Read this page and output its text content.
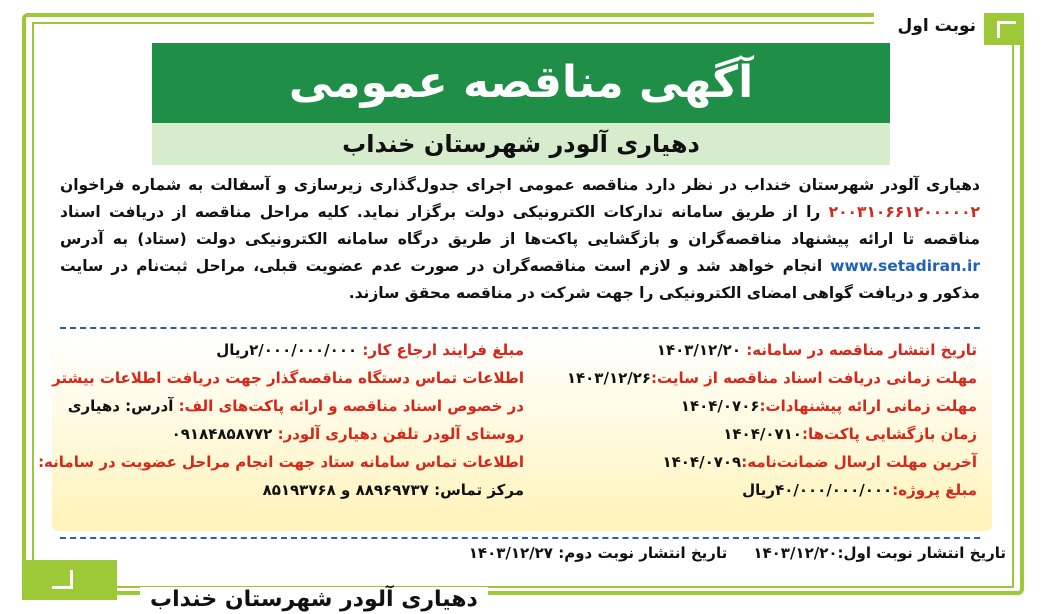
نوبت اول
آگهی مناقصه عمومی
دهیاری آلودر شهرستان خنداب
دهیاری آلودر شهرستان خنداب در نظر دارد مناقصه عمومی اجرای جدول‌گذاری زیرسازی و آسفالت به شماره فراخوان ۲۰۰۳۱۰۶۶۱۲۰۰۰۰۰۲ را از طریق سامانه تدارکات الکترونیکی دولت برگزار نماید. کلیه مراحل مناقصه از دریافت اسناد مناقصه تا ارائه پیشنهاد مناقصه‌گران و بازگشایی پاکت‌ها از طریق درگاه سامانه الکترونیکی دولت (ستاد) به آدرس www.setadiran.ir انجام خواهد شد و لازم است مناقصه‌گران در صورت عدم عضویت قبلی، مراحل ثبت‌نام در سایت مذکور و دریافت گواهی امضای الکترونیکی را جهت شرکت در مناقصه محقق سازند.
تاریخ انتشار مناقصه در سامانه: ۱۴۰۳/۱۲/۲۰
مهلت زمانی دریافت اسناد مناقصه از سایت:۱۴۰۳/۱۲/۲۶
مهلت زمانی ارائه پیشنهادات:۱۴۰۴/۰۷۰۶
زمان بازگشایی پاکت‌ها:۱۴۰۴/۰۷۱۰
آخرین مهلت ارسال ضمانت‌نامه:۱۴۰۴/۰۷۰۹
مبلغ پروژه:۴۰/۰۰۰/۰۰۰/۰۰۰ریال
مبلغ فرایند ارجاع کار: ۲/۰۰۰/۰۰۰/۰۰۰ریال
اطلاعات تماس دستگاه مناقصه‌گذار جهت دریافت اطلاعات بیشتر
در خصوص اسناد مناقصه و ارائه پاکت‌های الف: آدرس: دهیاری
روستای آلودر تلفن دهیاری آلودر: ۰۹۱۸۴۸۵۸۷۷۲
اطلاعات تماس سامانه ستاد جهت انجام مراحل عضویت در سامانه:
مرکز تماس: ۸۸۹۶۹۷۳۷ و ۸۵۱۹۳۷۶۸
تاریخ انتشار نوبت اول:۱۴۰۳/۱۲/۲۰     تاریخ انتشار نوبت دوم: ۱۴۰۳/۱۲/۲۷
دهیاری آلودر شهرستان خنداب
